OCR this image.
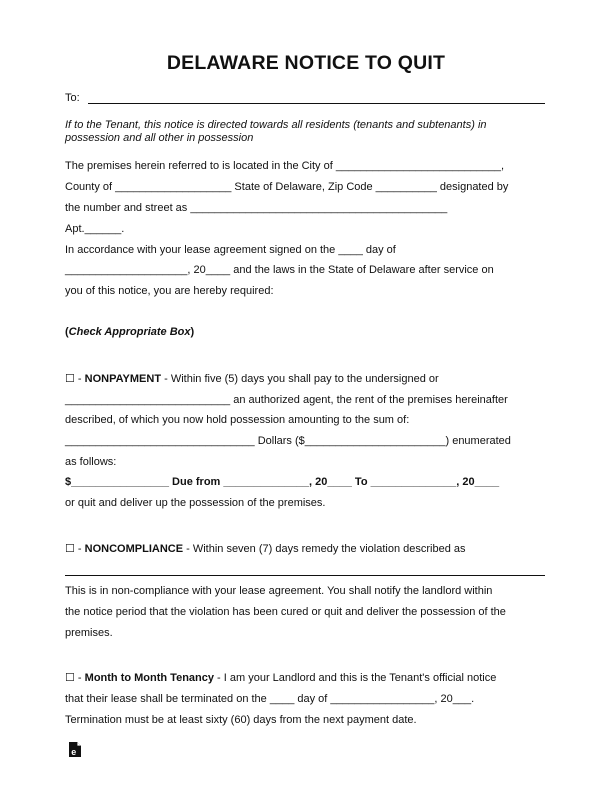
DELAWARE NOTICE TO QUIT
To:
If to the Tenant, this notice is directed towards all residents (tenants and subtenants) in
possession and all other in possession
The premises herein referred to is located in the City of ___________________________,
County of ___________________ State of Delaware, Zip Code __________ designated by
the number and street as __________________________________________
Apt.______.
In accordance with your lease agreement signed on the ____ day of
____________________, 20____ and the laws in the State of Delaware after service on
you of this notice, you are hereby required:
(Check Appropriate Box)
☐ - NONPAYMENT - Within five (5) days you shall pay to the undersigned or
___________________________ an authorized agent, the rent of the premises hereinafter
described, of which you now hold possession amounting to the sum of:
_______________________________ Dollars ($_______________________) enumerated
as follows:
$________________ Due from ______________, 20____ To ______________, 20____
or quit and deliver up the possession of the premises.
☐ - NONCOMPLIANCE - Within seven (7) days remedy the violation described as
This is in non-compliance with your lease agreement. You shall notify the landlord within
the notice period that the violation has been cured or quit and deliver the possession of the
premises.
☐ - Month to Month Tenancy - I am your Landlord and this is the Tenant's official notice
that their lease shall be terminated on the ____ day of _________________, 20___.
Termination must be at least sixty (60) days from the next payment date.
e
